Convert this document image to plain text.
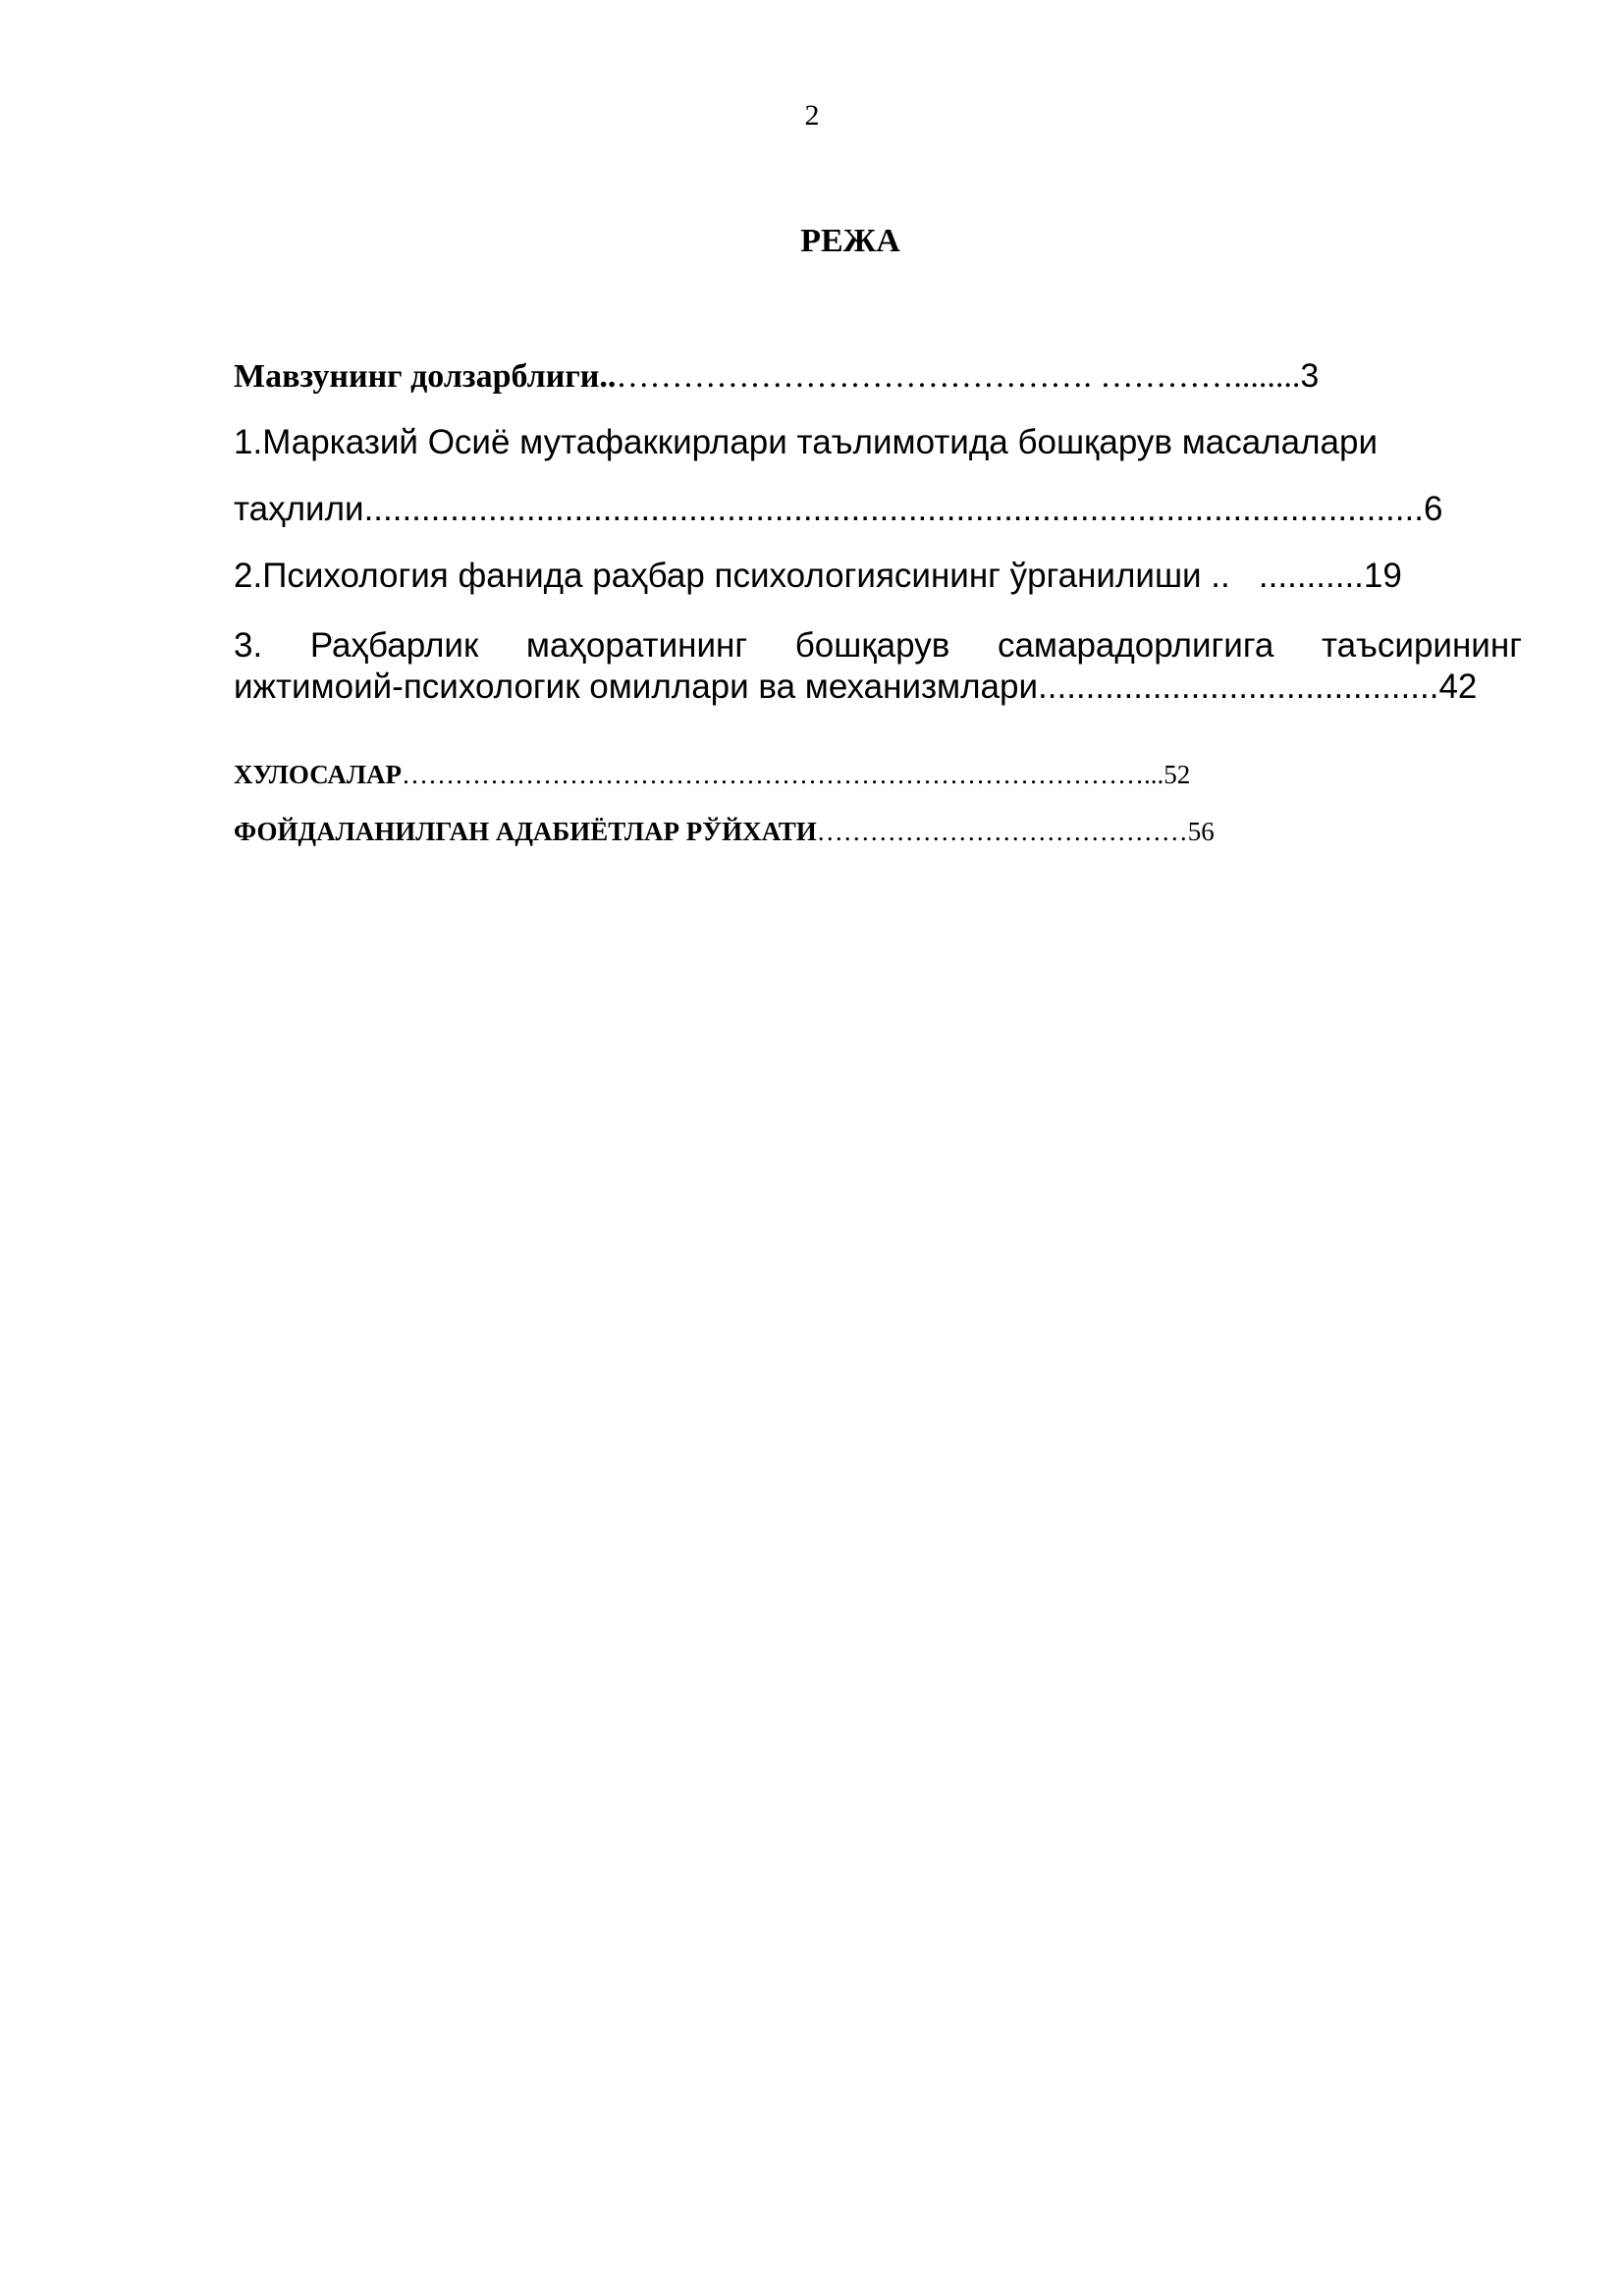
2
РЕЖА
Мавзунинг долзарблиги..……………………………………. …………........3
1.Марказий Осиё мутафаккирлари таълимотида бошқарув масалалари
таҳлили...............................................................................................................6
2.Психология фанида раҳбар психологиясининг ўрганилиши ..   ...........19
3. Раҳбарлик маҳоратининг бошқарув самарадорлигига таъсирининг
ижтимоий-психологик омиллари ва механизмлари..........................................42
ХУЛОСАЛАР…………………………………………………………………………...52
ФОЙДАЛАНИЛГАН АДАБИЁТЛАР РЎЙХАТИ……………………………………56
